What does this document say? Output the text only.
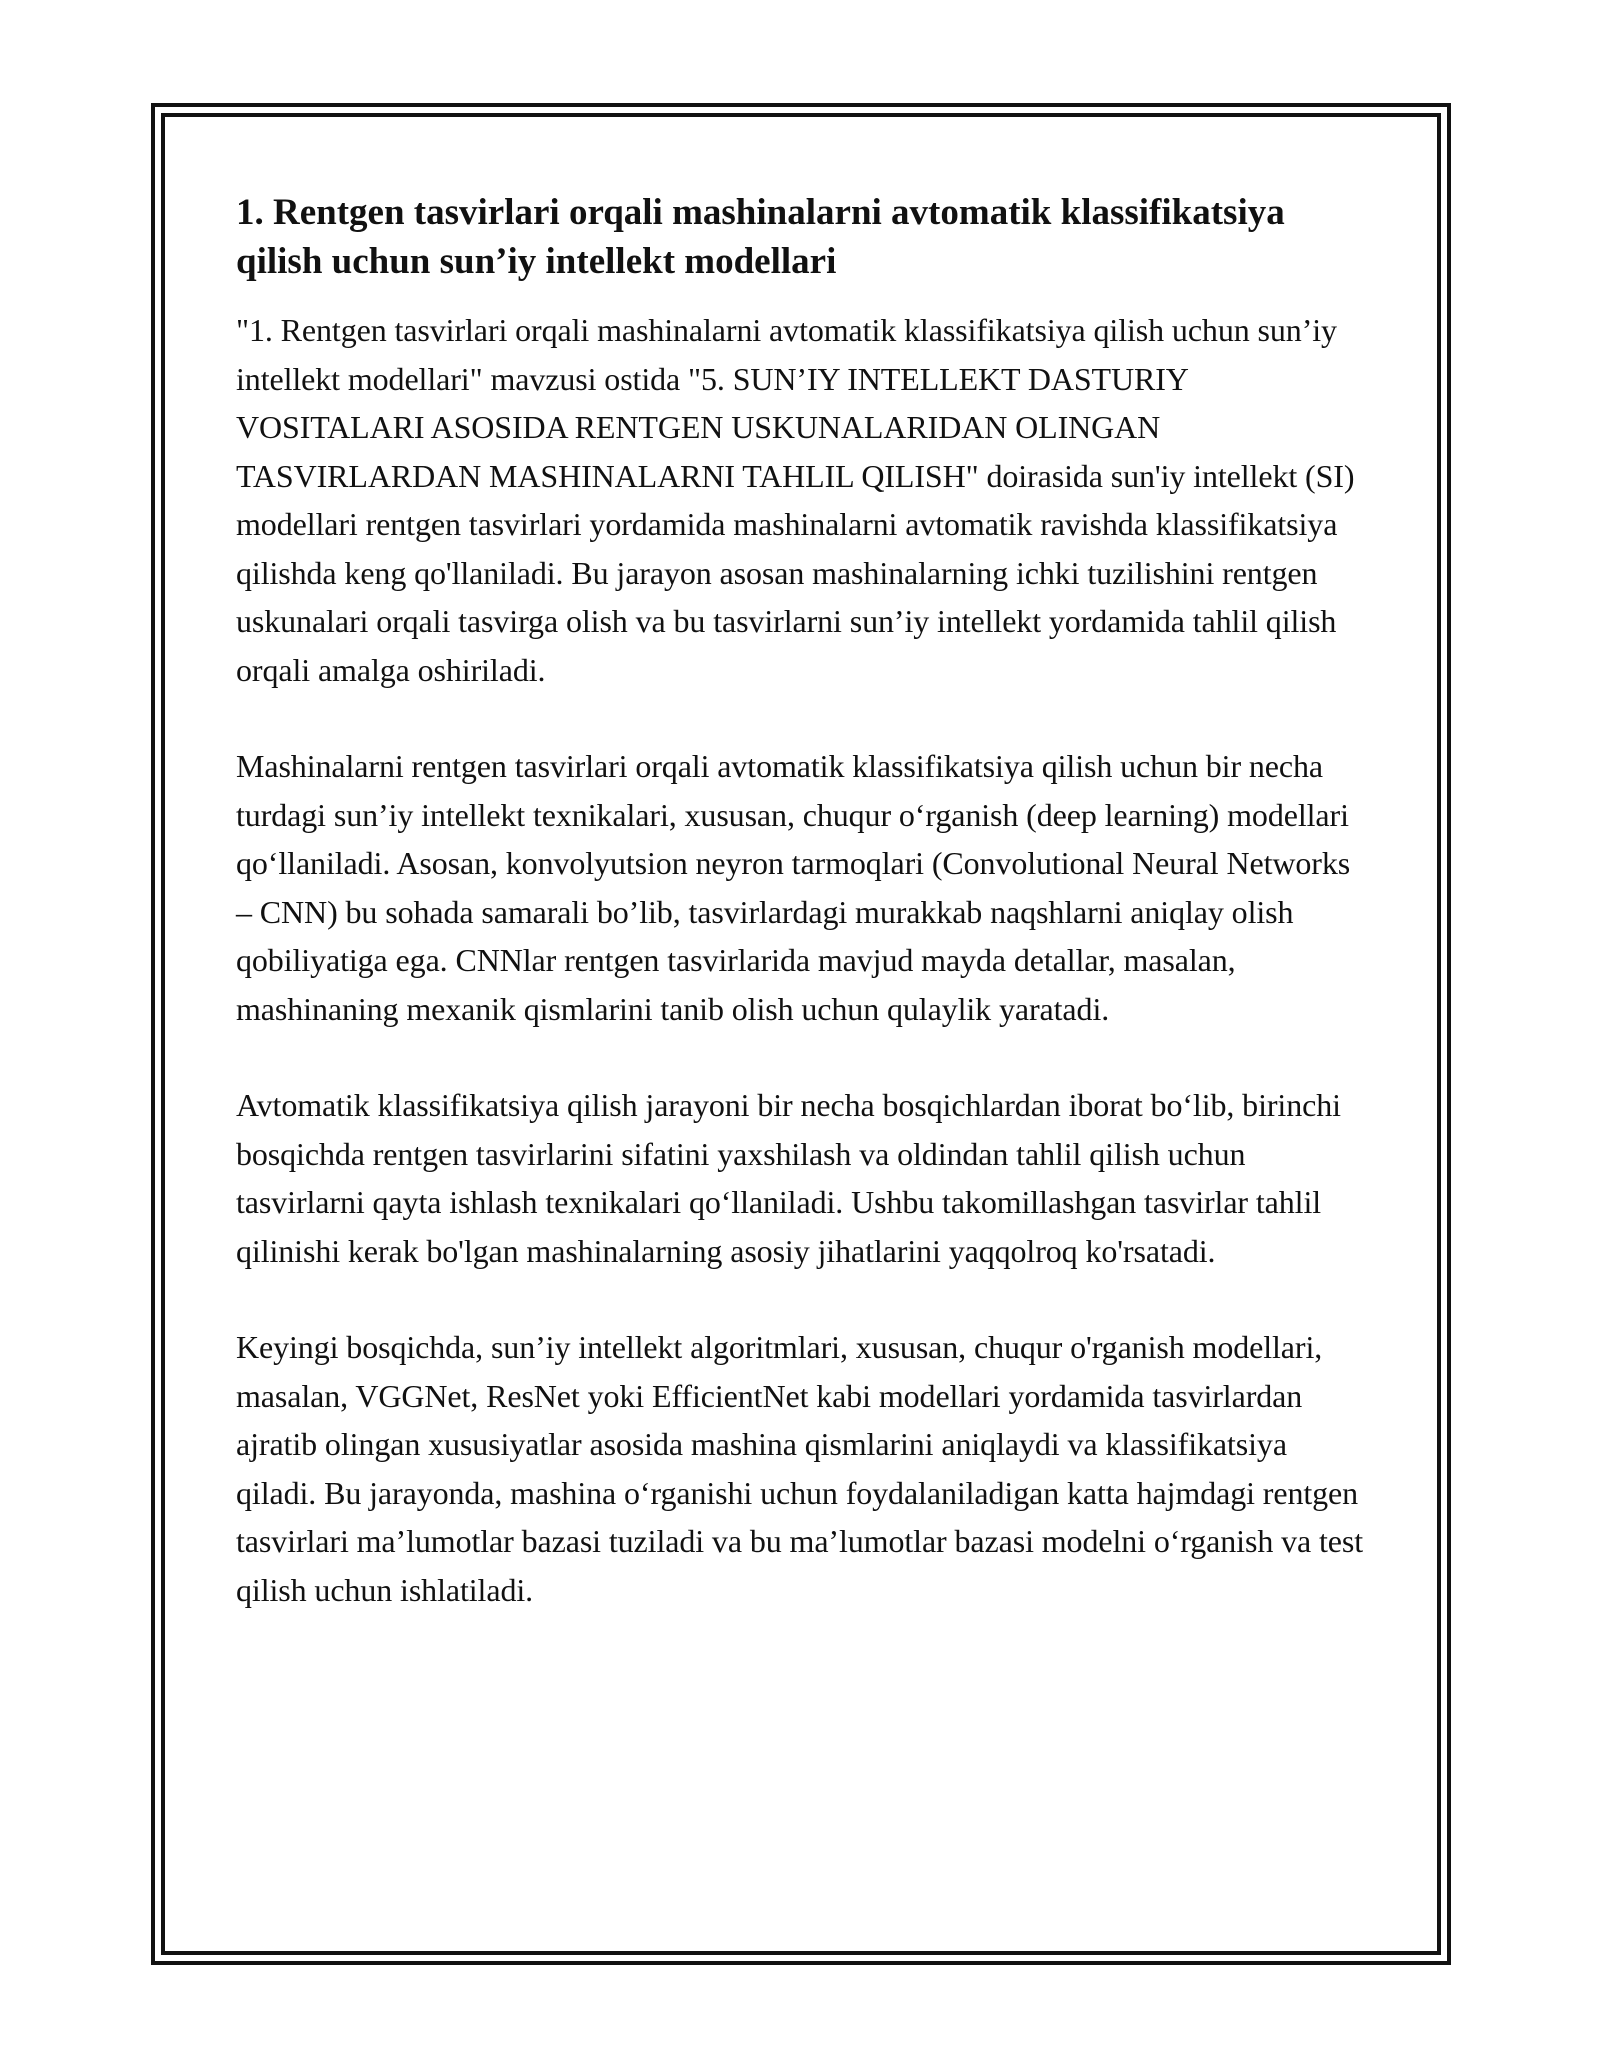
1. Rentgen tasvirlari orqali mashinalarni avtomatik klassifikatsiya qilish uchun sun’iy intellekt modellari

"1. Rentgen tasvirlari orqali mashinalarni avtomatik klassifikatsiya qilish uchun sun’iy intellekt modellari" mavzusi ostida "5. SUN’IY INTELLEKT DASTURIY VOSITALARI ASOSIDA RENTGEN USKUNALARIDAN OLINGAN TASVIRLARDAN MASHINALARNI TAHLIL QILISH" doirasida sun'iy intellekt (SI) modellari rentgen tasvirlari yordamida mashinalarni avtomatik ravishda klassifikatsiya qilishda keng qo'llaniladi. Bu jarayon asosan mashinalarning ichki tuzilishini rentgen uskunalari orqali tasvirga olish va bu tasvirlarni sun’iy intellekt yordamida tahlil qilish orqali amalga oshiriladi.

Mashinalarni rentgen tasvirlari orqali avtomatik klassifikatsiya qilish uchun bir necha turdagi sun’iy intellekt texnikalari, xususan, chuqur o‘rganish (deep learning) modellari qo‘llaniladi. Asosan, konvolyutsion neyron tarmoqlari (Convolutional Neural Networks – CNN) bu sohada samarali bo’lib, tasvirlardagi murakkab naqshlarni aniqlay olish qobiliyatiga ega. CNNlar rentgen tasvirlarida mavjud mayda detallar, masalan, mashinaning mexanik qismlarini tanib olish uchun qulaylik yaratadi.

Avtomatik klassifikatsiya qilish jarayoni bir necha bosqichlardan iborat bo‘lib, birinchi bosqichda rentgen tasvirlarini sifatini yaxshilash va oldindan tahlil qilish uchun tasvirlarni qayta ishlash texnikalari qo‘llaniladi. Ushbu takomillashgan tasvirlar tahlil qilinishi kerak bo'lgan mashinalarning asosiy jihatlarini yaqqolroq ko'rsatadi.

Keyingi bosqichda, sun’iy intellekt algoritmlari, xususan, chuqur o'rganish modellari, masalan, VGGNet, ResNet yoki EfficientNet kabi modellari yordamida tasvirlardan ajratib olingan xususiyatlar asosida mashina qismlarini aniqlaydi va klassifikatsiya qiladi. Bu jarayonda, mashina o‘rganishi uchun foydalaniladigan katta hajmdagi rentgen tasvirlari ma’lumotlar bazasi tuziladi va bu ma’lumotlar bazasi modelni o‘rganish va test qilish uchun ishlatiladi.
